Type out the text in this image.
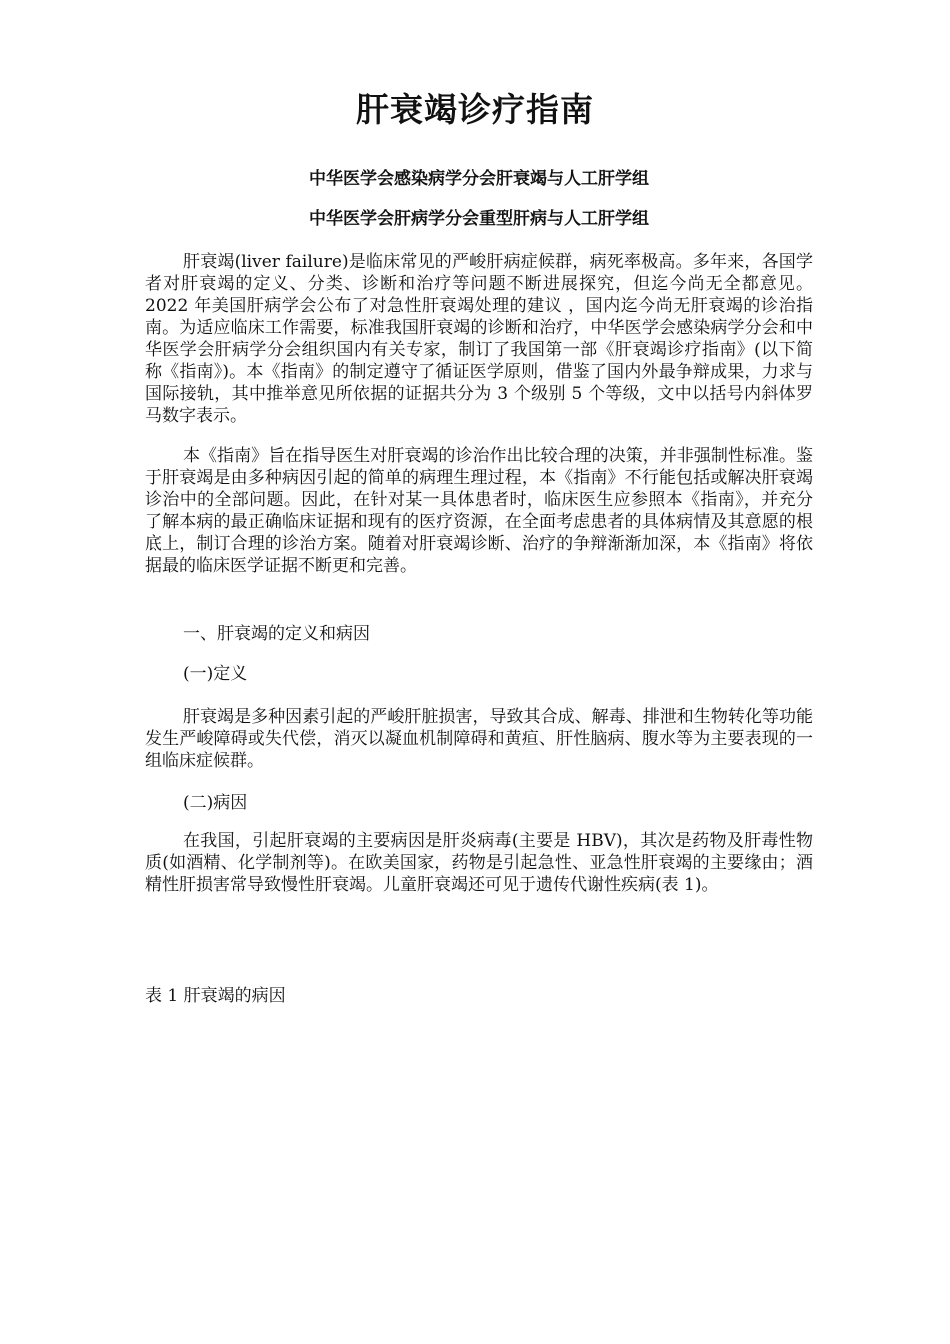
肝衰竭诊疗指南
中华医学会感染病学分会肝衰竭与人工肝学组
中华医学会肝病学分会重型肝病与人工肝学组

肝衰竭(liver failure)是临床常见的严峻肝病症候群，病死率极高。多年来，各国学者对肝衰竭的定义、分类、诊断和治疗等问题不断进展探究，但迄今尚无全都意见。2022 年美国肝病学会公布了对急性肝衰竭处理的建议 ，国内迄今尚无肝衰竭的诊治指南。为适应临床工作需要，标准我国肝衰竭的诊断和治疗，中华医学会感染病学分会和中华医学会肝病学分会组织国内有关专家，制订了我国第一部《肝衰竭诊疗指南》(以下简称《指南》)。本《指南》的制定遵守了循证医学原则，借鉴了国内外最争辩成果，力求与国际接轨，其中推举意见所依据的证据共分为 3 个级别 5 个等级，文中以括号内斜体罗马数字表示。

本《指南》旨在指导医生对肝衰竭的诊治作出比较合理的决策，并非强制性标准。鉴于肝衰竭是由多种病因引起的简单的病理生理过程，本《指南》不行能包括或解决肝衰竭诊治中的全部问题。因此，在针对某一具体患者时，临床医生应参照本《指南》，并充分了解本病的最正确临床证据和现有的医疗资源，在全面考虑患者的具体病情及其意愿的根底上，制订合理的诊治方案。随着对肝衰竭诊断、治疗的争辩渐渐加深，本《指南》将依据最的临床医学证据不断更和完善。

一、肝衰竭的定义和病因

(一)定义

肝衰竭是多种因素引起的严峻肝脏损害，导致其合成、解毒、排泄和生物转化等功能发生严峻障碍或失代偿，消灭以凝血机制障碍和黄疸、肝性脑病、腹水等为主要表现的一组临床症候群。

(二)病因

在我国，引起肝衰竭的主要病因是肝炎病毒(主要是 HBV)，其次是药物及肝毒性物质(如酒精、化学制剂等)。在欧美国家，药物是引起急性、亚急性肝衰竭的主要缘由；酒精性肝损害常导致慢性肝衰竭。儿童肝衰竭还可见于遗传代谢性疾病(表 1)。

表 1 肝衰竭的病因
